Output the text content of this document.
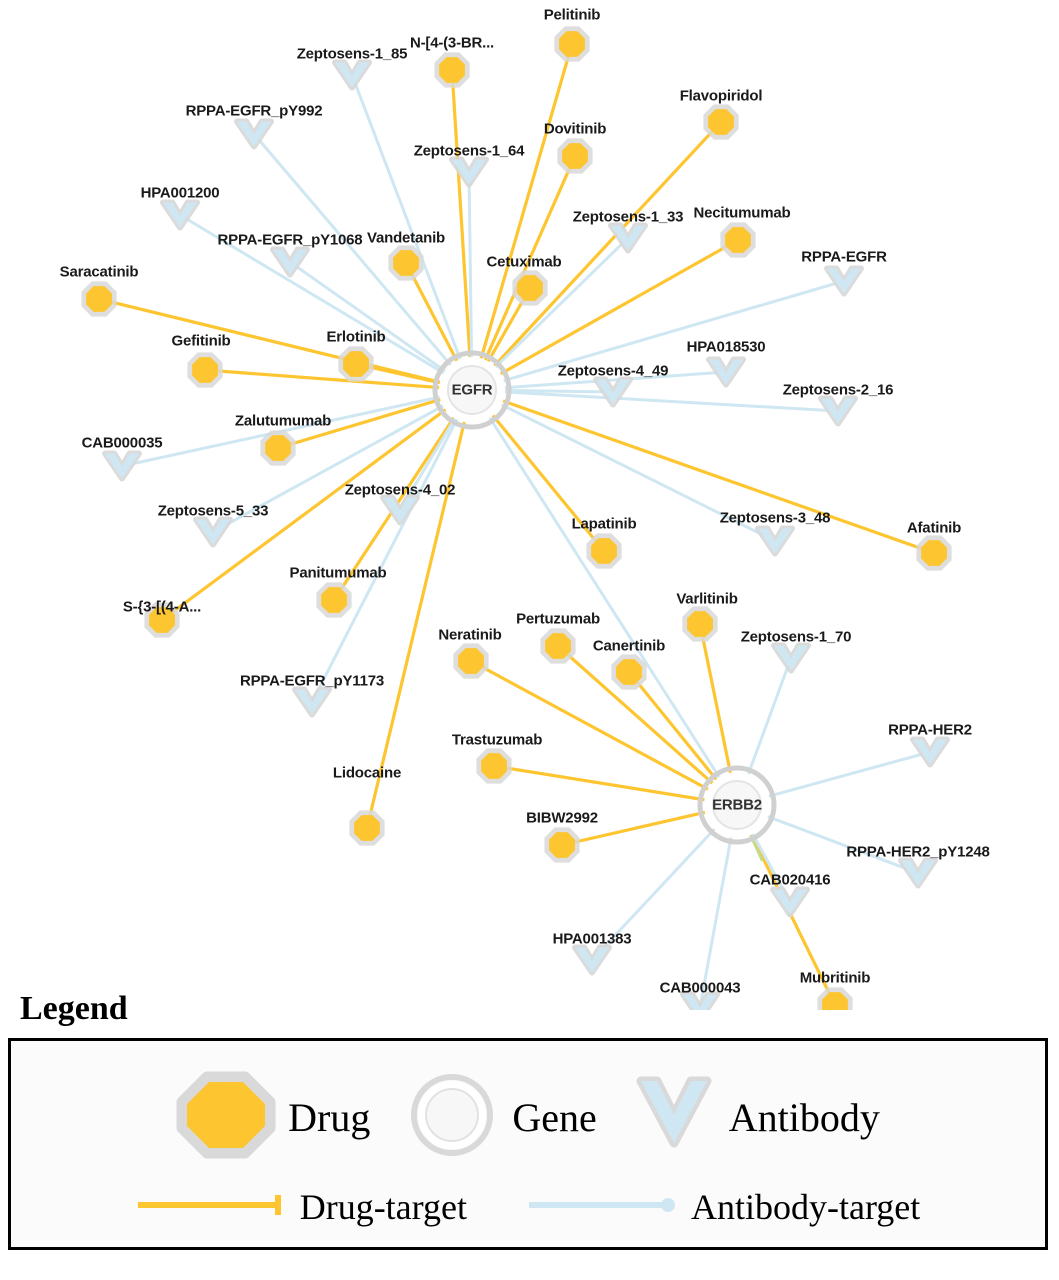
Pelitinib
N-[4-(3-BR...
Flavopiridol
Dovitinib
Necitumumab
Vandetanib
Cetuximab
Saracatinib
Gefitinib	Erlotinib
Zalutumumab
Afatinib
Lapatinib
Varlitinib
Panitumumab
S-{3-[(4-A...
Pertuzumab
Neratinib
Canertinib
Trastuzumab
Lidocaine
BIBW2992
Mubritinib
Zeptosens-1_85
RPPA-EGFR_pY992
Zeptosens-1_64
HPA001200
Zeptosens-1_33
RPPA-EGFR_pY1068
RPPA-EGFR
HPA018530
Zeptosens-4_49
Zeptosens-2_16
CAB000035
Zeptosens-4_02
Zeptosens-5_33	Zeptosens-3_48
Zeptosens-1_70
RPPA-EGFR_pY1173
RPPA-HER2
RPPA-HER2_pY1248
CAB020416
HPA001383
CAB000043
EGFR
ERBB2
Legend
Drug	Gene	Antibody
Drug-target	Antibody-target
